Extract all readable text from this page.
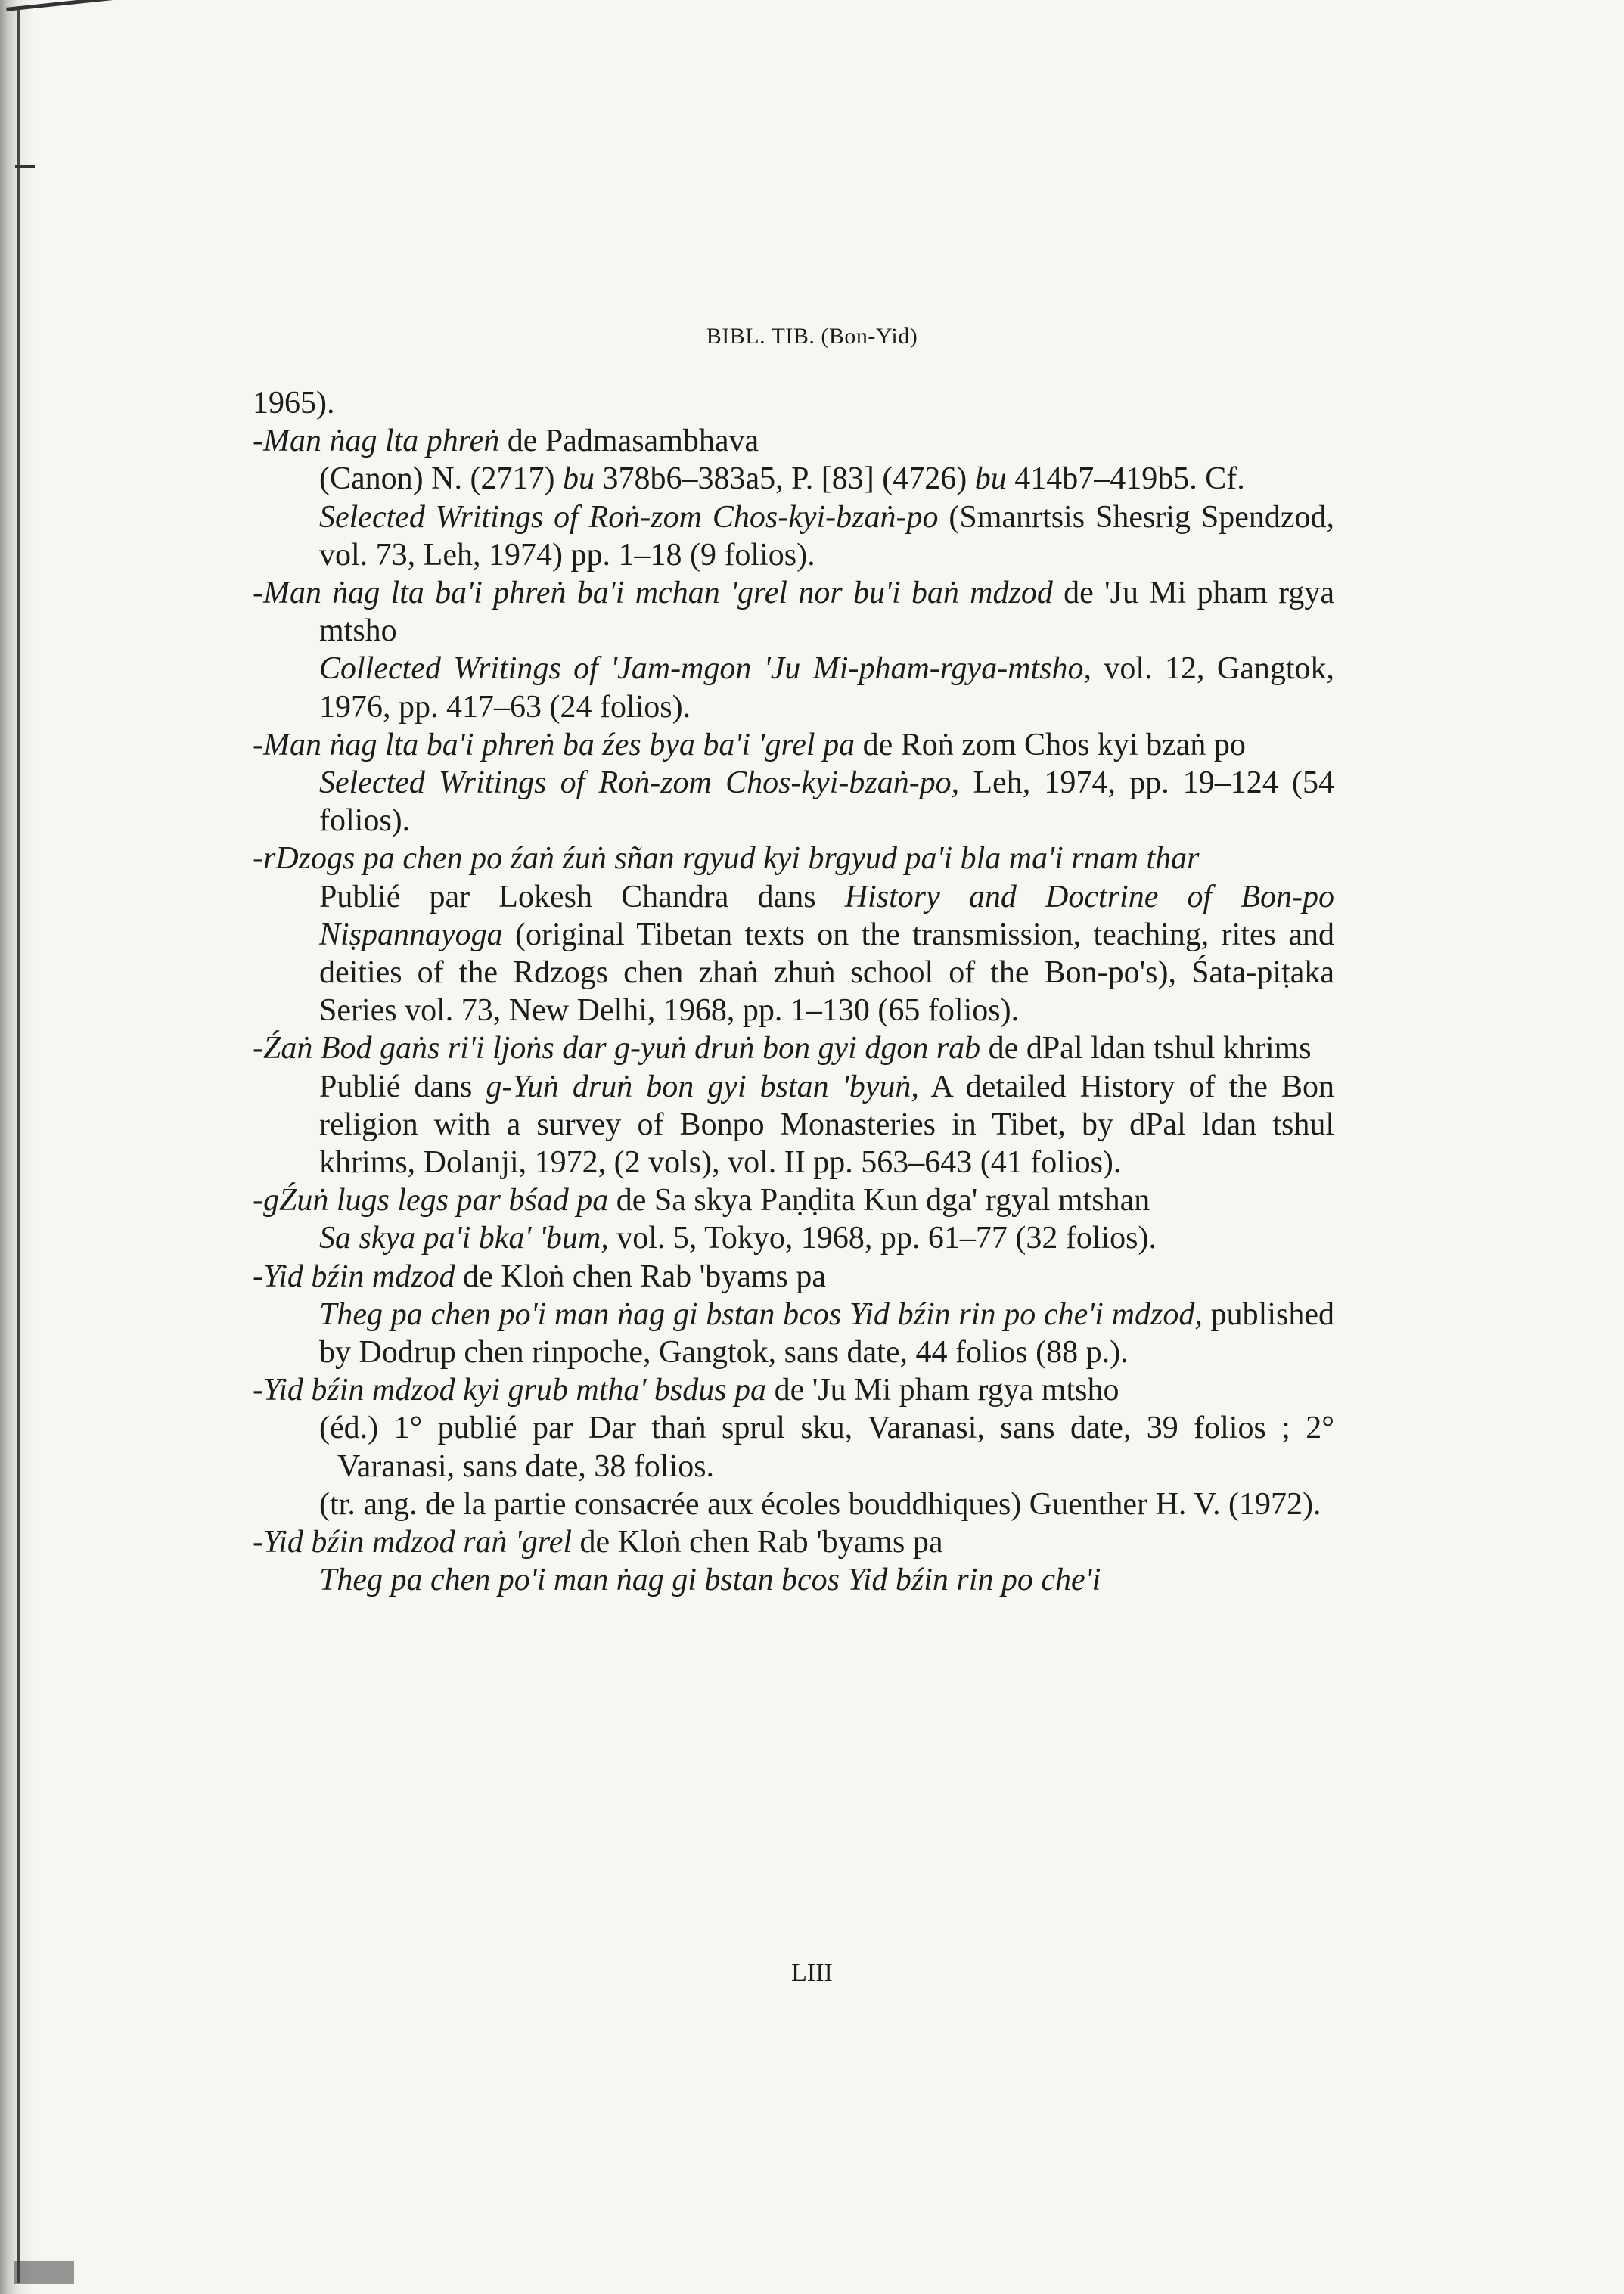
BIBL. TIB. (Bon-Yid)

1965).

-Man ṅag lta phreṅ de Padmasambhava

(Canon) N. (2717) bu 378b6–383a5, P. [83] (4726) bu 414b7–419b5. Cf.

Selected Writings of Roṅ-zom Chos-kyi-bzaṅ-po (Smanrtsis Shesrig Spendzod, vol. 73, Leh, 1974) pp. 1–18 (9 folios).

-Man ṅag lta ba'i phreṅ ba'i mchan 'grel nor bu'i baṅ mdzod de 'Ju Mi pham rgya mtsho

Collected Writings of 'Jam-mgon 'Ju Mi-pham-rgya-mtsho, vol. 12, Gangtok, 1976, pp. 417–63 (24 folios).

-Man ṅag lta ba'i phreṅ ba źes bya ba'i 'grel pa de Roṅ zom Chos kyi bzaṅ po

Selected Writings of Roṅ-zom Chos-kyi-bzaṅ-po, Leh, 1974, pp. 19–124 (54 folios).

-rDzogs pa chen po źaṅ źuṅ sñan rgyud kyi brgyud pa'i bla ma'i rnam thar

Publié par Lokesh Chandra dans History and Doctrine of Bon-po Niṣpannayoga (original Tibetan texts on the transmission, teaching, rites and deities of the Rdzogs chen zhaṅ zhuṅ school of the Bon-po's), Śata-piṭaka Series vol. 73, New Delhi, 1968, pp. 1–130 (65 folios).

-Źaṅ Bod gaṅs ri'i ljoṅs dar g-yuṅ druṅ bon gyi dgon rab de dPal ldan tshul khrims

Publié dans g-Yuṅ druṅ bon gyi bstan 'byuṅ, A detailed History of the Bon religion with a survey of Bonpo Monasteries in Tibet, by dPal ldan tshul khrims, Dolanji, 1972, (2 vols), vol. II pp. 563–643 (41 folios).

-gŹuṅ lugs legs par bśad pa de Sa skya Paṇḍita Kun dga' rgyal mtshan

Sa skya pa'i bka' 'bum, vol. 5, Tokyo, 1968, pp. 61–77 (32 folios).

-Yid bźin mdzod de Kloṅ chen Rab 'byams pa

Theg pa chen po'i man ṅag gi bstan bcos Yid bźin rin po che'i mdzod, published by Dodrup chen rinpoche, Gangtok, sans date, 44 folios (88 p.).

-Yid bźin mdzod kyi grub mtha' bsdus pa de 'Ju Mi pham rgya mtsho

(éd.) 1° publié par Dar thaṅ sprul sku, Varanasi, sans date, 39 folios ; 2° Varanasi, sans date, 38 folios.

(tr. ang. de la partie consacrée aux écoles bouddhiques) Guenther H. V. (1972).

-Yid bźin mdzod raṅ 'grel de Kloṅ chen Rab 'byams pa

Theg pa chen po'i man ṅag gi bstan bcos Yid bźin rin po che'i

LIII
